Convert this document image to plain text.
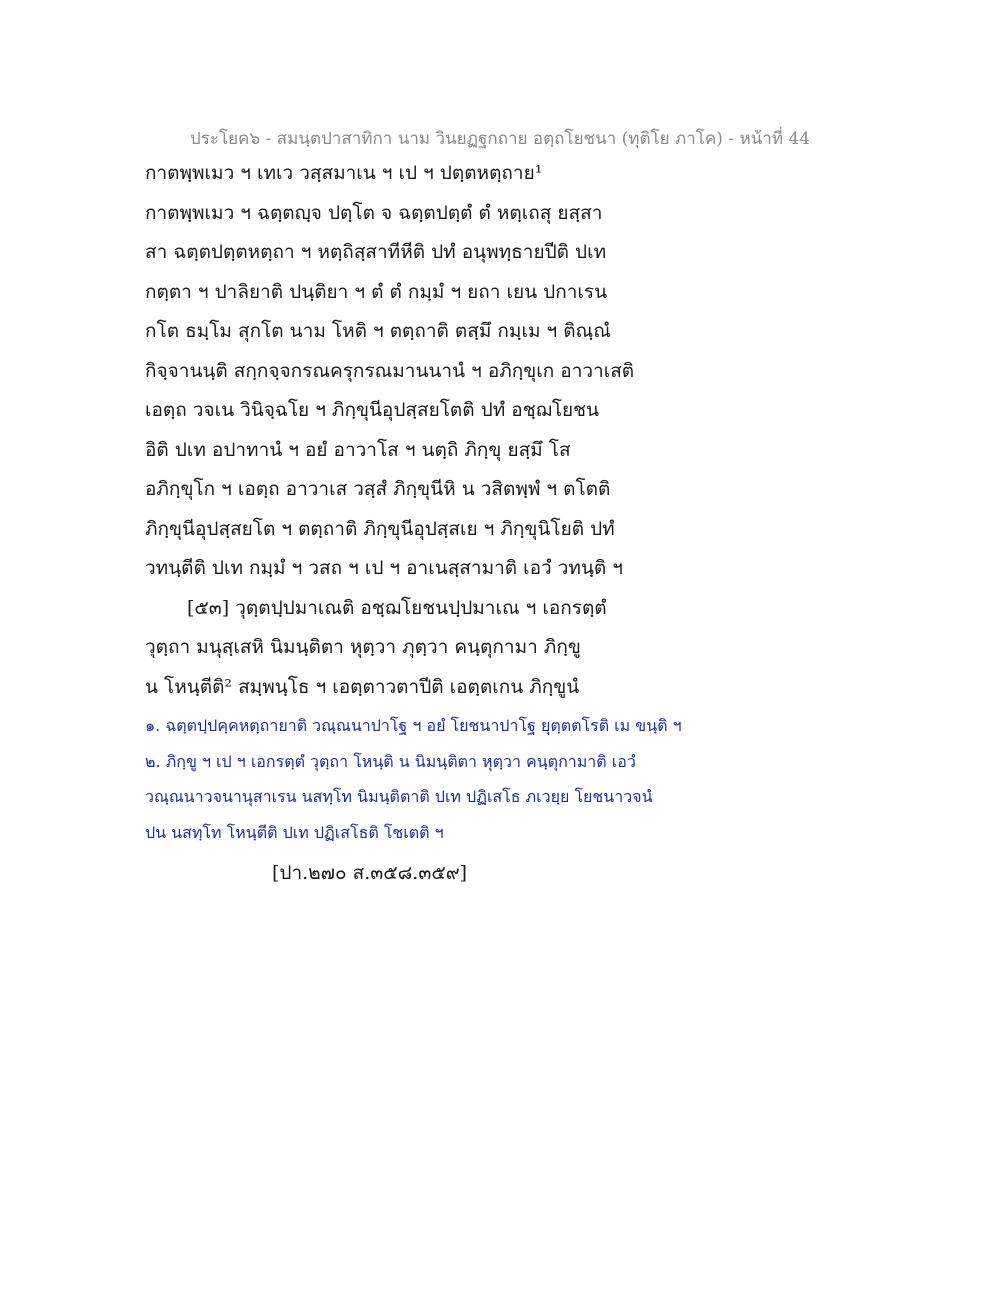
ประโยค๖ - สมนฺตปาสาทิกา นาม วินยฏฐกถาย อตฺถโยชนา (ทุติโย ภาโค) - หน้าที่ 44
กาตพฺพเมว ฯ เทเว วสฺสมาเน ฯ เป ฯ ปตฺตหตฺถาย¹
กาตพฺพเมว ฯ ฉตฺตญฺจ ปตฺโต จ ฉตฺตปตฺตํ ตํ หตฺเถสุ ยสฺสา
สา ฉตฺตปตฺตหตฺถา ฯ หตฺถิสฺสาทีหีติ ปทํ อนุพทฺธายปีติ ปเท
กตฺตา ฯ ปาลิยาติ ปนฺติยา ฯ ตํ ตํ กมฺมํ ฯ ยถา เยน ปกาเรน
กโต ธมฺโม สุกโต นาม โหติ ฯ ตตฺถาติ ตสฺมึ กมฺเม ฯ ติณฺณํ
กิจฺจานนฺติ สกฺกจฺจกรณครุกรณมานนานํ ฯ อภิกฺขุเก อาวาเสติ
เอตฺถ วจเน วินิจฺฉโย ฯ ภิกฺขุนีอุปสฺสยโตติ ปทํ อชฺฌโยชน
อิติ ปเท อปาทานํ ฯ อยํ อาวาโส ฯ นตฺถิ ภิกฺขุ ยสฺมึ โส
อภิกฺขุโก ฯ เอตฺถ อาวาเส วสฺสํ ภิกฺขุนีหิ น วสิตพฺพํ ฯ ตโตติ
ภิกฺขุนีอุปสฺสยโต ฯ ตตฺถาติ ภิกฺขุนีอุปสฺสเย ฯ ภิกฺขุนิโยติ ปทํ
วทนฺตีติ ปเท กมฺมํ ฯ วสถ ฯ เป ฯ อาเนสฺสามาติ เอวํ วทนฺติ ฯ
[๕๓] วุตฺตปฺปมาเณติ อชฺฌโยชนปฺปมาเณ ฯ เอกรตฺตํ
วุตฺถา มนุสฺเสหิ นิมนฺติตา หุตฺวา ภุตฺวา คนฺตุกามา ภิกฺขู
น โหนฺตีติ² สมฺพนฺโธ ฯ เอตฺตาวตาปีติ เอตฺตเกน ภิกฺขูนํ
๑. ฉตฺตปฺปคฺคหตฺถายาติ วณฺณนาปาโฐ ฯ อยํ โยชนาปาโฐ ยุตฺตตโรติ เม ขนฺติ ฯ
๒. ภิกฺขู ฯ เป ฯ เอกรตฺตํ วุตฺถา โหนฺติ น นิมนฺติตา หุตฺวา คนฺตุกามาติ เอวํ
วณฺณนาวจนานุสาเรน นสทฺโท นิมนฺติตาติ ปเท ปฏิเสโธ ภเวยฺย โยชนาวจนํ
ปน นสทฺโท โหนฺตีติ ปเท ปฏิเสโธติ โชเตติ ฯ
[ปา.๒๗๐ ส.๓๕๘.๓๕๙]
